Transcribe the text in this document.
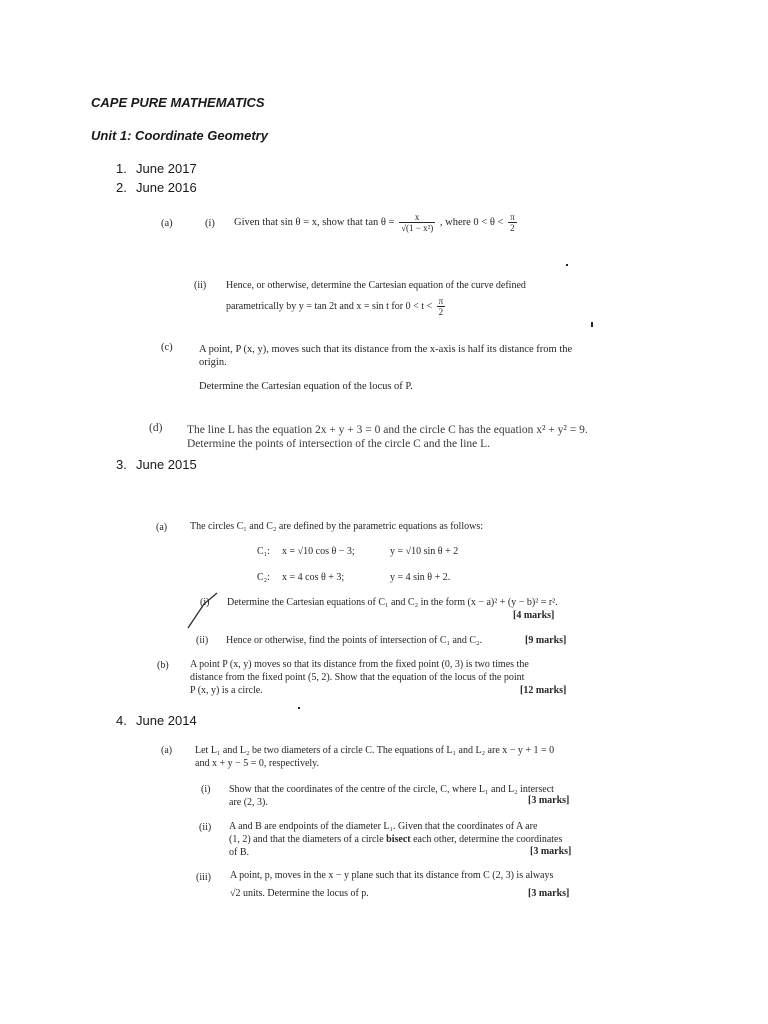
CAPE PURE MATHEMATICS
Unit 1: Coordinate Geometry
1. June 2017
2. June 2016
3. June 2015
4. June 2014
(a)	(i) Given that sin θ = x, show that $\tan \theta = \frac{x}{\text{√(1 − x²)}}$ , where $0 < \theta < \frac{\pi}{2}$
(ii) Hence, or otherwise, determine the Cartesian equation of the curve defined
parametrically by y = tan 2t and x = sin t for $0 < t < \frac{\pi}{2}$
(c)	A point, P (x, y), moves such that its distance from the x-axis is half its distance from the
origin.
Determine the Cartesian equation of the locus of P.
(d) The line L has the equation 2x + y + 3 = 0 and the circle C has the equation x² + y² = 9.
Determine the points of intersection of the circle C and the line L.
(a) The circles C₁ and C₂ are defined by the parametric equations as follows:
C₁: x = √10 cos θ − 3;	y = √10 sin θ + 2
C₂: x = 4 cos θ + 3;	y = 4 sin θ + 2.
(i) Determine the Cartesian equations of C₁ and C₂ in the form (x − a)² + (y − b)² = r².
[4 marks]
(ii) Hence or otherwise, find the points of intersection of C₁ and C₂.	[9 marks]
(b) A point P (x, y) moves so that its distance from the fixed point (0, 3) is two times the
distance from the fixed point (5, 2). Show that the equation of the locus of the point
P (x, y) is a circle.	[12 marks]
(a) Let L₁ and L₂ be two diameters of a circle C. The equations of L₁ and L₂ are x − y + 1 = 0
and x + y − 5 = 0, respectively.
(i) Show that the coordinates of the centre of the circle, C, where L₁ and L₂ intersect
are (2, 3).	[3 marks]
(ii) A and B are endpoints of the diameter L₁. Given that the coordinates of A are
(1, 2) and that the diameters of a circle bisect each other, determine the coordinates
of B.	[3 marks]
(iii) A point, p, moves in the x − y plane such that its distance from C (2, 3) is always
√2 units. Determine the locus of p.	[3 marks]
